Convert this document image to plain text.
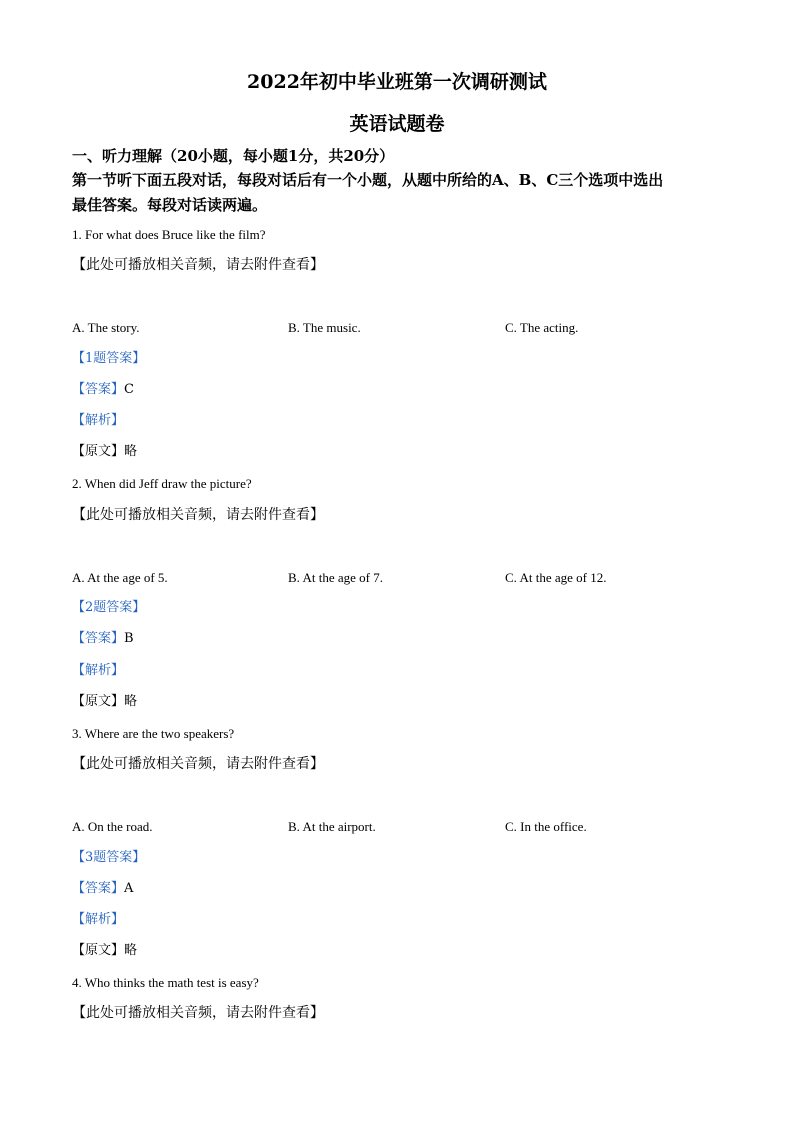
2022年初中毕业班第一次调研测试
英语试题卷
一、听力理解（20小题，每小题1分，共20分）
第一节听下面五段对话，每段对话后有一个小题，从题中所给的A、B、C三个选项中选出
最佳答案。每段对话读两遍。
1. For what does Bruce like the film?
【此处可播放相关音频，请去附件查看】
A. The story.	B. The music.	C. The acting.
【1题答案】
【答案】C
【解析】
【原文】略
2. When did Jeff draw the picture?
【此处可播放相关音频，请去附件查看】
A. At the age of 5.	B. At the age of 7.	C. At the age of 12.
【2题答案】
【答案】B
【解析】
【原文】略
3. Where are the two speakers?
【此处可播放相关音频，请去附件查看】
A. On the road.	B. At the airport.	C. In the office.
【3题答案】
【答案】A
【解析】
【原文】略
4. Who thinks the math test is easy?
【此处可播放相关音频，请去附件查看】
